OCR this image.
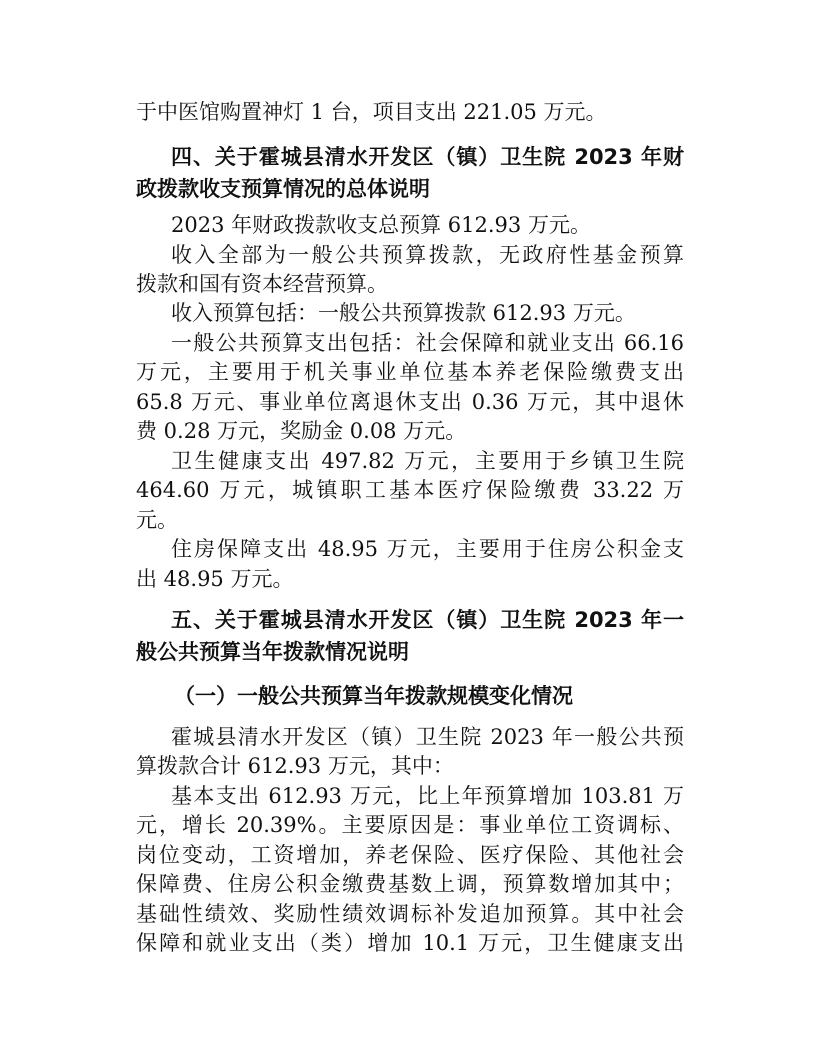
于中医馆购置神灯 1 台，项目支出 221.05 万元。
四、关于霍城县清水开发区（镇）卫生院 2023 年财
政拨款收支预算情况的总体说明
2023 年财政拨款收支总预算 612.93 万元。
收入全部为一般公共预算拨款，无政府性基金预算
拨款和国有资本经营预算。
收入预算包括：一般公共预算拨款 612.93 万元。
一般公共预算支出包括：社会保障和就业支出 66.16
万元，主要用于机关事业单位基本养老保险缴费支出
65.8 万元、事业单位离退休支出 0.36 万元，其中退休
费 0.28 万元，奖励金 0.08 万元。
卫生健康支出 497.82 万元，主要用于乡镇卫生院
464.60 万元，城镇职工基本医疗保险缴费 33.22 万
元。
住房保障支出 48.95 万元，主要用于住房公积金支
出 48.95 万元。
五、关于霍城县清水开发区（镇）卫生院 2023 年一
般公共预算当年拨款情况说明
（一）一般公共预算当年拨款规模变化情况
霍城县清水开发区（镇）卫生院 2023 年一般公共预
算拨款合计 612.93 万元，其中：
基本支出 612.93 万元，比上年预算增加 103.81 万
元，增长 20.39%。主要原因是：事业单位工资调标、
岗位变动，工资增加，养老保险、医疗保险、其他社会
保障费、住房公积金缴费基数上调，预算数增加其中；
基础性绩效、奖励性绩效调标补发追加预算。其中社会
保障和就业支出（类）增加 10.1 万元，卫生健康支出
